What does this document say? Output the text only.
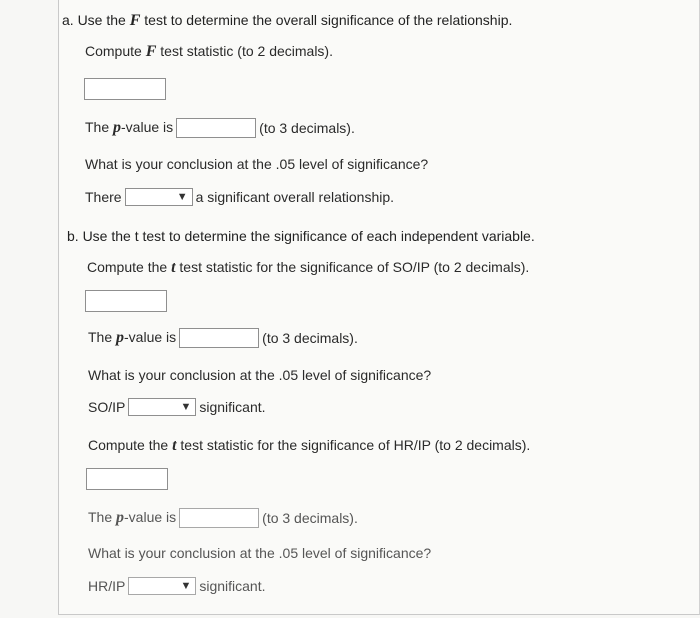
a. Use the F test to determine the overall significance of the relationship.
Compute F test statistic (to 2 decimals).
The p-value is	(to 3 decimals).
What is your conclusion at the .05 level of significance?
There	▼ a significant overall relationship.
b. Use the t test to determine the significance of each independent variable.
Compute the t test statistic for the significance of SO/IP (to 2 decimals).
The p-value is	(to 3 decimals).
What is your conclusion at the .05 level of significance?
SO/IP	▼ significant.
Compute the t test statistic for the significance of HR/IP (to 2 decimals).
The p-value is	(to 3 decimals).
What is your conclusion at the .05 level of significance?
HR/IP	▼ significant.
